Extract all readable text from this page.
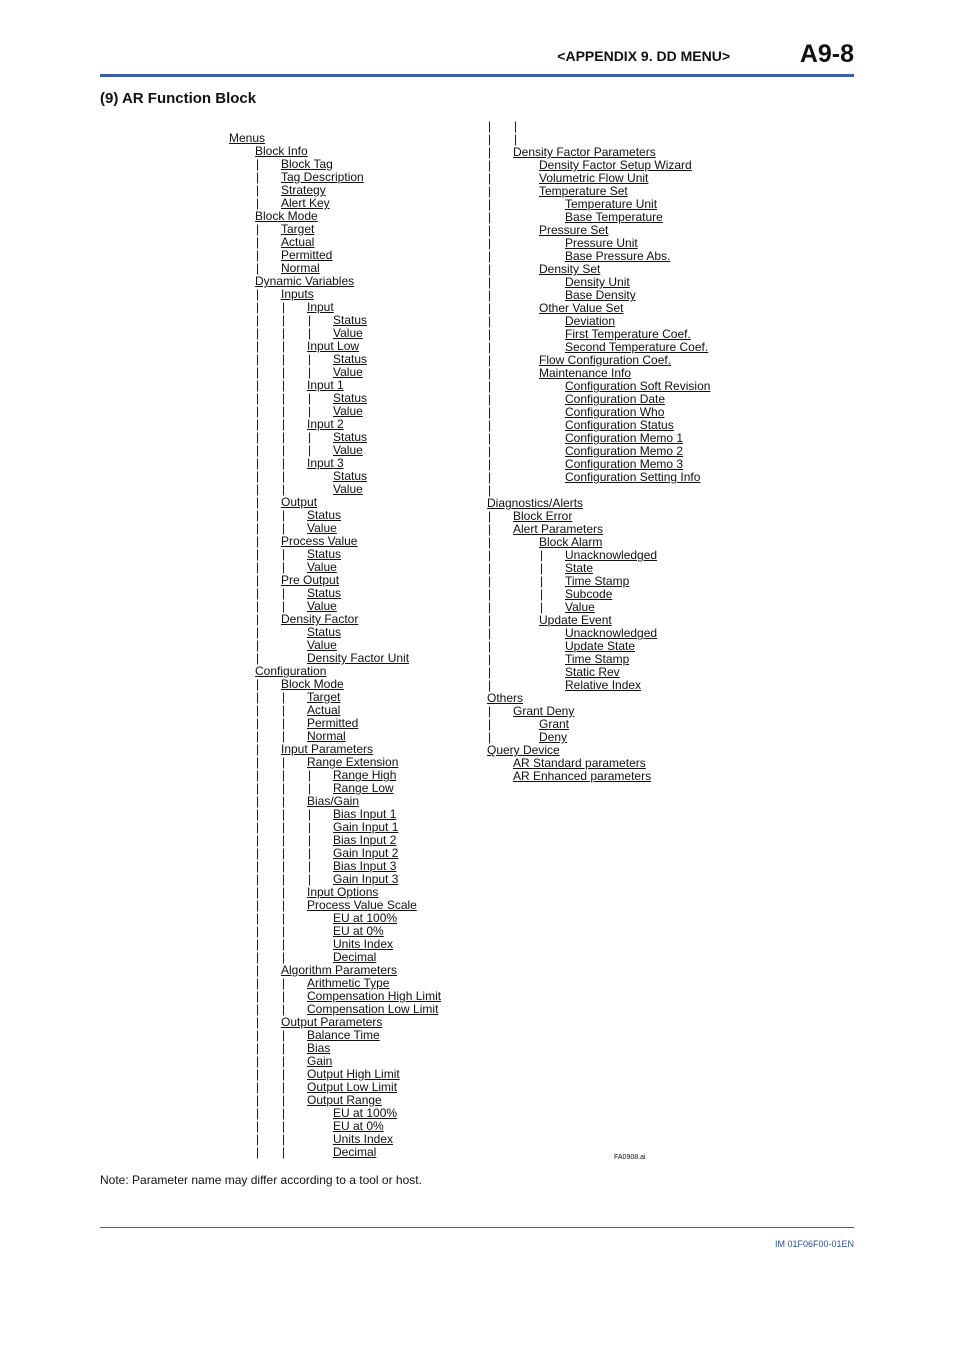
<APPENDIX 9. DD MENU>	A9-8
(9) AR Function Block
Menus
Block Info
| Block Tag
| Tag Description
| Strategy
| Alert Key
Block Mode
| Target
| Actual
| Permitted
| Normal
Dynamic Variables
| Inputs
| | Input
| | | Status
| | | Value
| | Input Low
| | | Status
| | | Value
| | Input 1
| | | Status
| | | Value
| | Input 2
| | | Status
| | | Value
| | Input 3
| |	Status
| |	Value
| Output
| | Status
| | Value
| Process Value
| | Status
| | Value
| Pre Output
| | Status
| | Value
| Density Factor
|	Status
|	Value
|	Density Factor Unit
Configuration
| Block Mode
| | Target
| | Actual
| | Permitted
| | Normal
| Input Parameters
| | Range Extension
| | | Range High
| | | Range Low
| | Bias/Gain
| | | Bias Input 1
| | | Gain Input 1
| | | Bias Input 2
| | | Gain Input 2
| | | Bias Input 3
| | | Gain Input 3
| | Input Options
| | Process Value Scale
| |	EU at 100%
| |	EU at 0%
| |	Units Index
| |	Decimal
| Algorithm Parameters
| | Arithmetic Type
| | Compensation High Limit
| | Compensation Low Limit
| Output Parameters
| | Balance Time
| | Bias
| | Gain
| | Output High Limit
| | Output Low Limit
| | Output Range
| |	EU at 100%
| |	EU at 0%
| |	Units Index
| |	Decimal
| |
| |
| Density Factor Parameters
|	Density Factor Setup Wizard
|	Volumetric Flow Unit
|	Temperature Set
|	Temperature Unit
|	Base Temperature
|	Pressure Set
|	Pressure Unit
|	Base Pressure Abs.
|	Density Set
|	Density Unit
|	Base Density
|	Other Value Set
|	Deviation
|	First Temperature Coef.
|	Second Temperature Coef.
|	Flow Configuration Coef.
|	Maintenance Info
|	Configuration Soft Revision
|	Configuration Date
|	Configuration Who
|	Configuration Status
|	Configuration Memo 1
|	Configuration Memo 2
|	Configuration Memo 3
|	Configuration Setting Info
|
Diagnostics/Alerts
| Block Error
| Alert Parameters
|	Block Alarm
|	| Unacknowledged
|	| State
|	| Time Stamp
|	| Subcode
|	| Value
|	Update Event
|	Unacknowledged
|	Update State
|	Time Stamp
|	Static Rev
|	Relative Index
Others
| Grant Deny
|	Grant
|	Deny
Query Device
AR Standard parameters
AR Enhanced parameters
FA0908.ai
Note: Parameter name may differ according to a tool or host.
IM 01F06F00-01EN
